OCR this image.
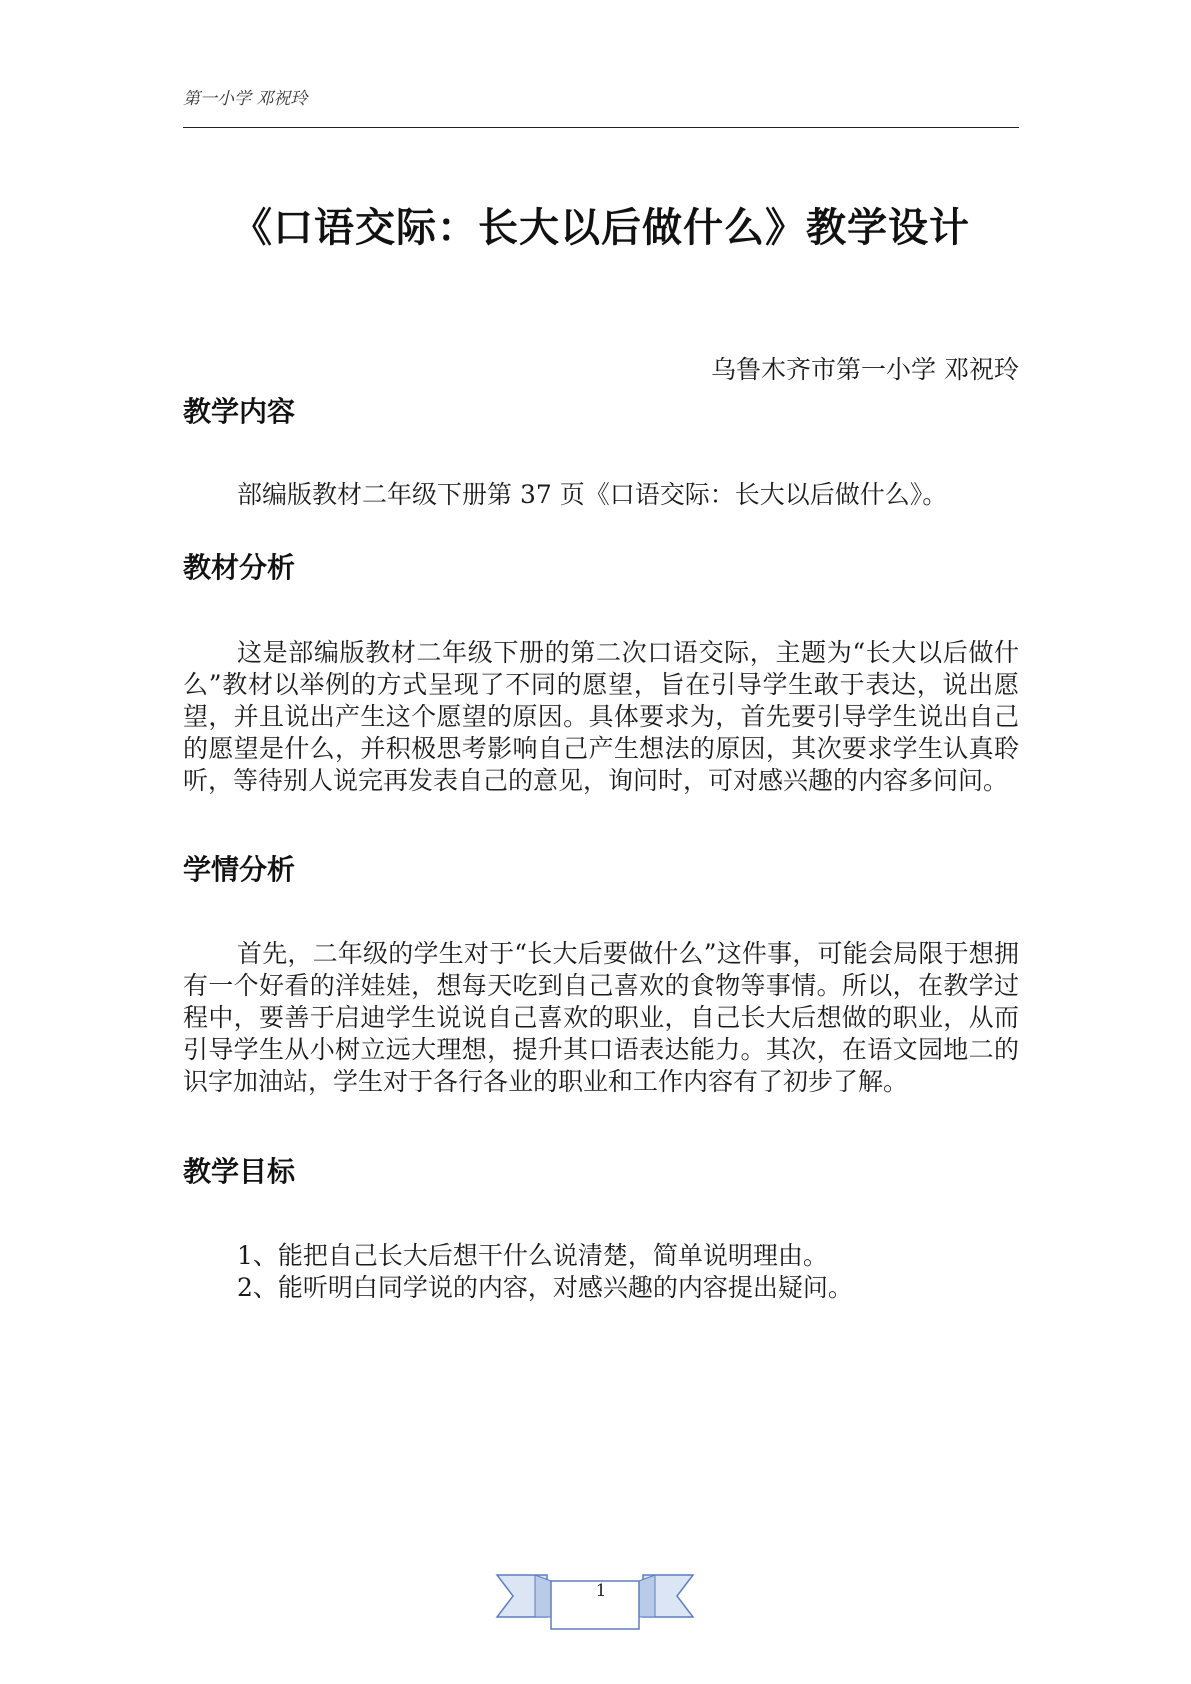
第一小学 邓祝玲
《口语交际：长大以后做什么》教学设计
乌鲁木齐市第一小学 邓祝玲
教学内容
部编版教材二年级下册第 37 页《口语交际：长大以后做什么》。
教材分析
这是部编版教材二年级下册的第二次口语交际，主题为“长大以后做什么”教材以举例的方式呈现了不同的愿望，旨在引导学生敢于表达，说出愿望，并且说出产生这个愿望的原因。具体要求为，首先要引导学生说出自己的愿望是什么，并积极思考影响自己产生想法的原因，其次要求学生认真聆听，等待别人说完再发表自己的意见，询问时，可对感兴趣的内容多问问。
学情分析
首先，二年级的学生对于“长大后要做什么”这件事，可能会局限于想拥有一个好看的洋娃娃，想每天吃到自己喜欢的食物等事情。所以，在教学过程中，要善于启迪学生说说自己喜欢的职业，自己长大后想做的职业，从而引导学生从小树立远大理想，提升其口语表达能力。其次，在语文园地二的识字加油站，学生对于各行各业的职业和工作内容有了初步了解。
教学目标
1、能把自己长大后想干什么说清楚，简单说明理由。
2、能听明白同学说的内容，对感兴趣的内容提出疑问。
1
